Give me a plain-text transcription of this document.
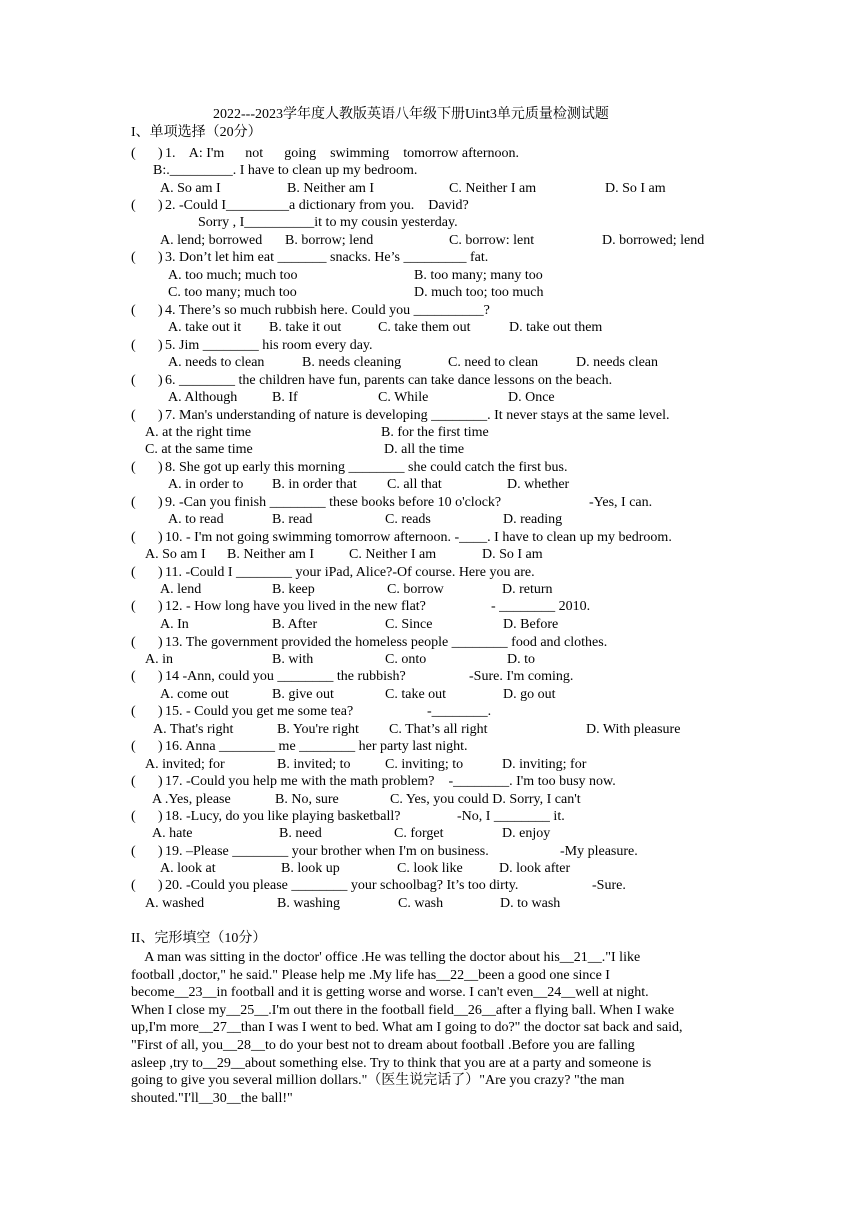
2022---2023学年度人教版英语八年级下册Uint3单元质量检测试题
I、单项选择（20分）
( ) 1.    A: I'm      not      going    swimming    tomorrow afternoon.
B:._________. I have to clean up my bedroom.
A. So am I	B. Neither am I	C. Neither I am	D. So I am
( ) 2. -Could I_________a dictionary from you.    David?
Sorry , I__________it to my cousin yesterday.
A. lend; borrowed B. borrow; lend	C. borrow: lent	D. borrowed; lend
( ) 3. Don’t let him eat _______ snacks. He’s _________ fat.
A. too much; much too	B. too many; many too
C. too many; much too	D. much too; too much
( ) 4. There’s so much rubbish here. Could you __________?
A. take out it B. take it out	C. take them out	D. take out them
( ) 5. Jim ________ his room every day.
A. needs to clean	B. needs cleaning	C. need to clean	D. needs clean
( ) 6. ________ the children have fun, parents can take dance lessons on the beach.
A. Although B. If	C. While	D. Once
( ) 7. Man's understanding of nature is developing ________. It never stays at the same level.
A. at the right time	B. for the first time
C. at the same time	D. all the time
( ) 8. She got up early this morning ________ she could catch the first bus.
A. in order to B. in order that C. all that	D. whether
( ) 9. -Can you finish ________ these books before 10 o'clock?	-Yes, I can.
A. to read	B. read	C. reads	D. reading
( ) 10. - I'm not going swimming tomorrow afternoon. -____. I have to clean up my bedroom.
A. So am I B. Neither am I C. Neither I am	D. So I am
( ) 11. -Could I ________ your iPad, Alice?-Of course. Here you are.
A. lend	B. keep	C. borrow	D. return
( ) 12. - How long have you lived in the new flat?	- ________ 2010.
A. In	B. After	C. Since	D. Before
( ) 13. The government provided the homeless people ________ food and clothes.
A. in	B. with	C. onto	D. to
( ) 14 -Ann, could you ________ the rubbish?	-Sure. I'm coming.
A. come out	B. give out	C. take out	D. go out
( ) 15. - Could you get me some tea?	-________.
A. That's right	B. You're right C. That’s all right	D. With pleasure
( ) 16. Anna ________ me ________ her party last night.
A. invited; for	B. invited; to C. inviting; to	D. inviting; for
( ) 17. -Could you help me with the math problem?    -________. I'm too busy now.
A .Yes, please	B. No, sure	C. Yes, you could D. Sorry, I can't
( ) 18. -Lucy, do you like playing basketball?	-No, I ________ it.
A. hate	B. need	C. forget	D. enjoy
( ) 19. –Please ________ your brother when I'm on business.	-My pleasure.
A. look at	B. look up	C. look like	D. look after
( ) 20. -Could you please ________ your schoolbag? It’s too dirty.	-Sure.
A. washed	B. washing	C. wash	D. to wash
II、完形填空（10分）
A man was sitting in the doctor' office .He was telling the doctor about his__21__."I like
football ,doctor," he said." Please help me .My life has__22__been a good one since I
become__23__in football and it is getting worse and worse. I can't even__24__well at night.
When I close my__25__.I'm out there in the football field__26__after a flying ball. When I wake
up,I'm more__27__than I was I went to bed. What am I going to do?" the doctor sat back and said,
"First of all, you__28__to do your best not to dream about football .Before you are falling
asleep ,try to__29__about something else. Try to think that you are at a party and someone is
going to give you several million dollars."（医生说完话了）"Are you crazy? "the man
shouted."I'll__30__the ball!"
